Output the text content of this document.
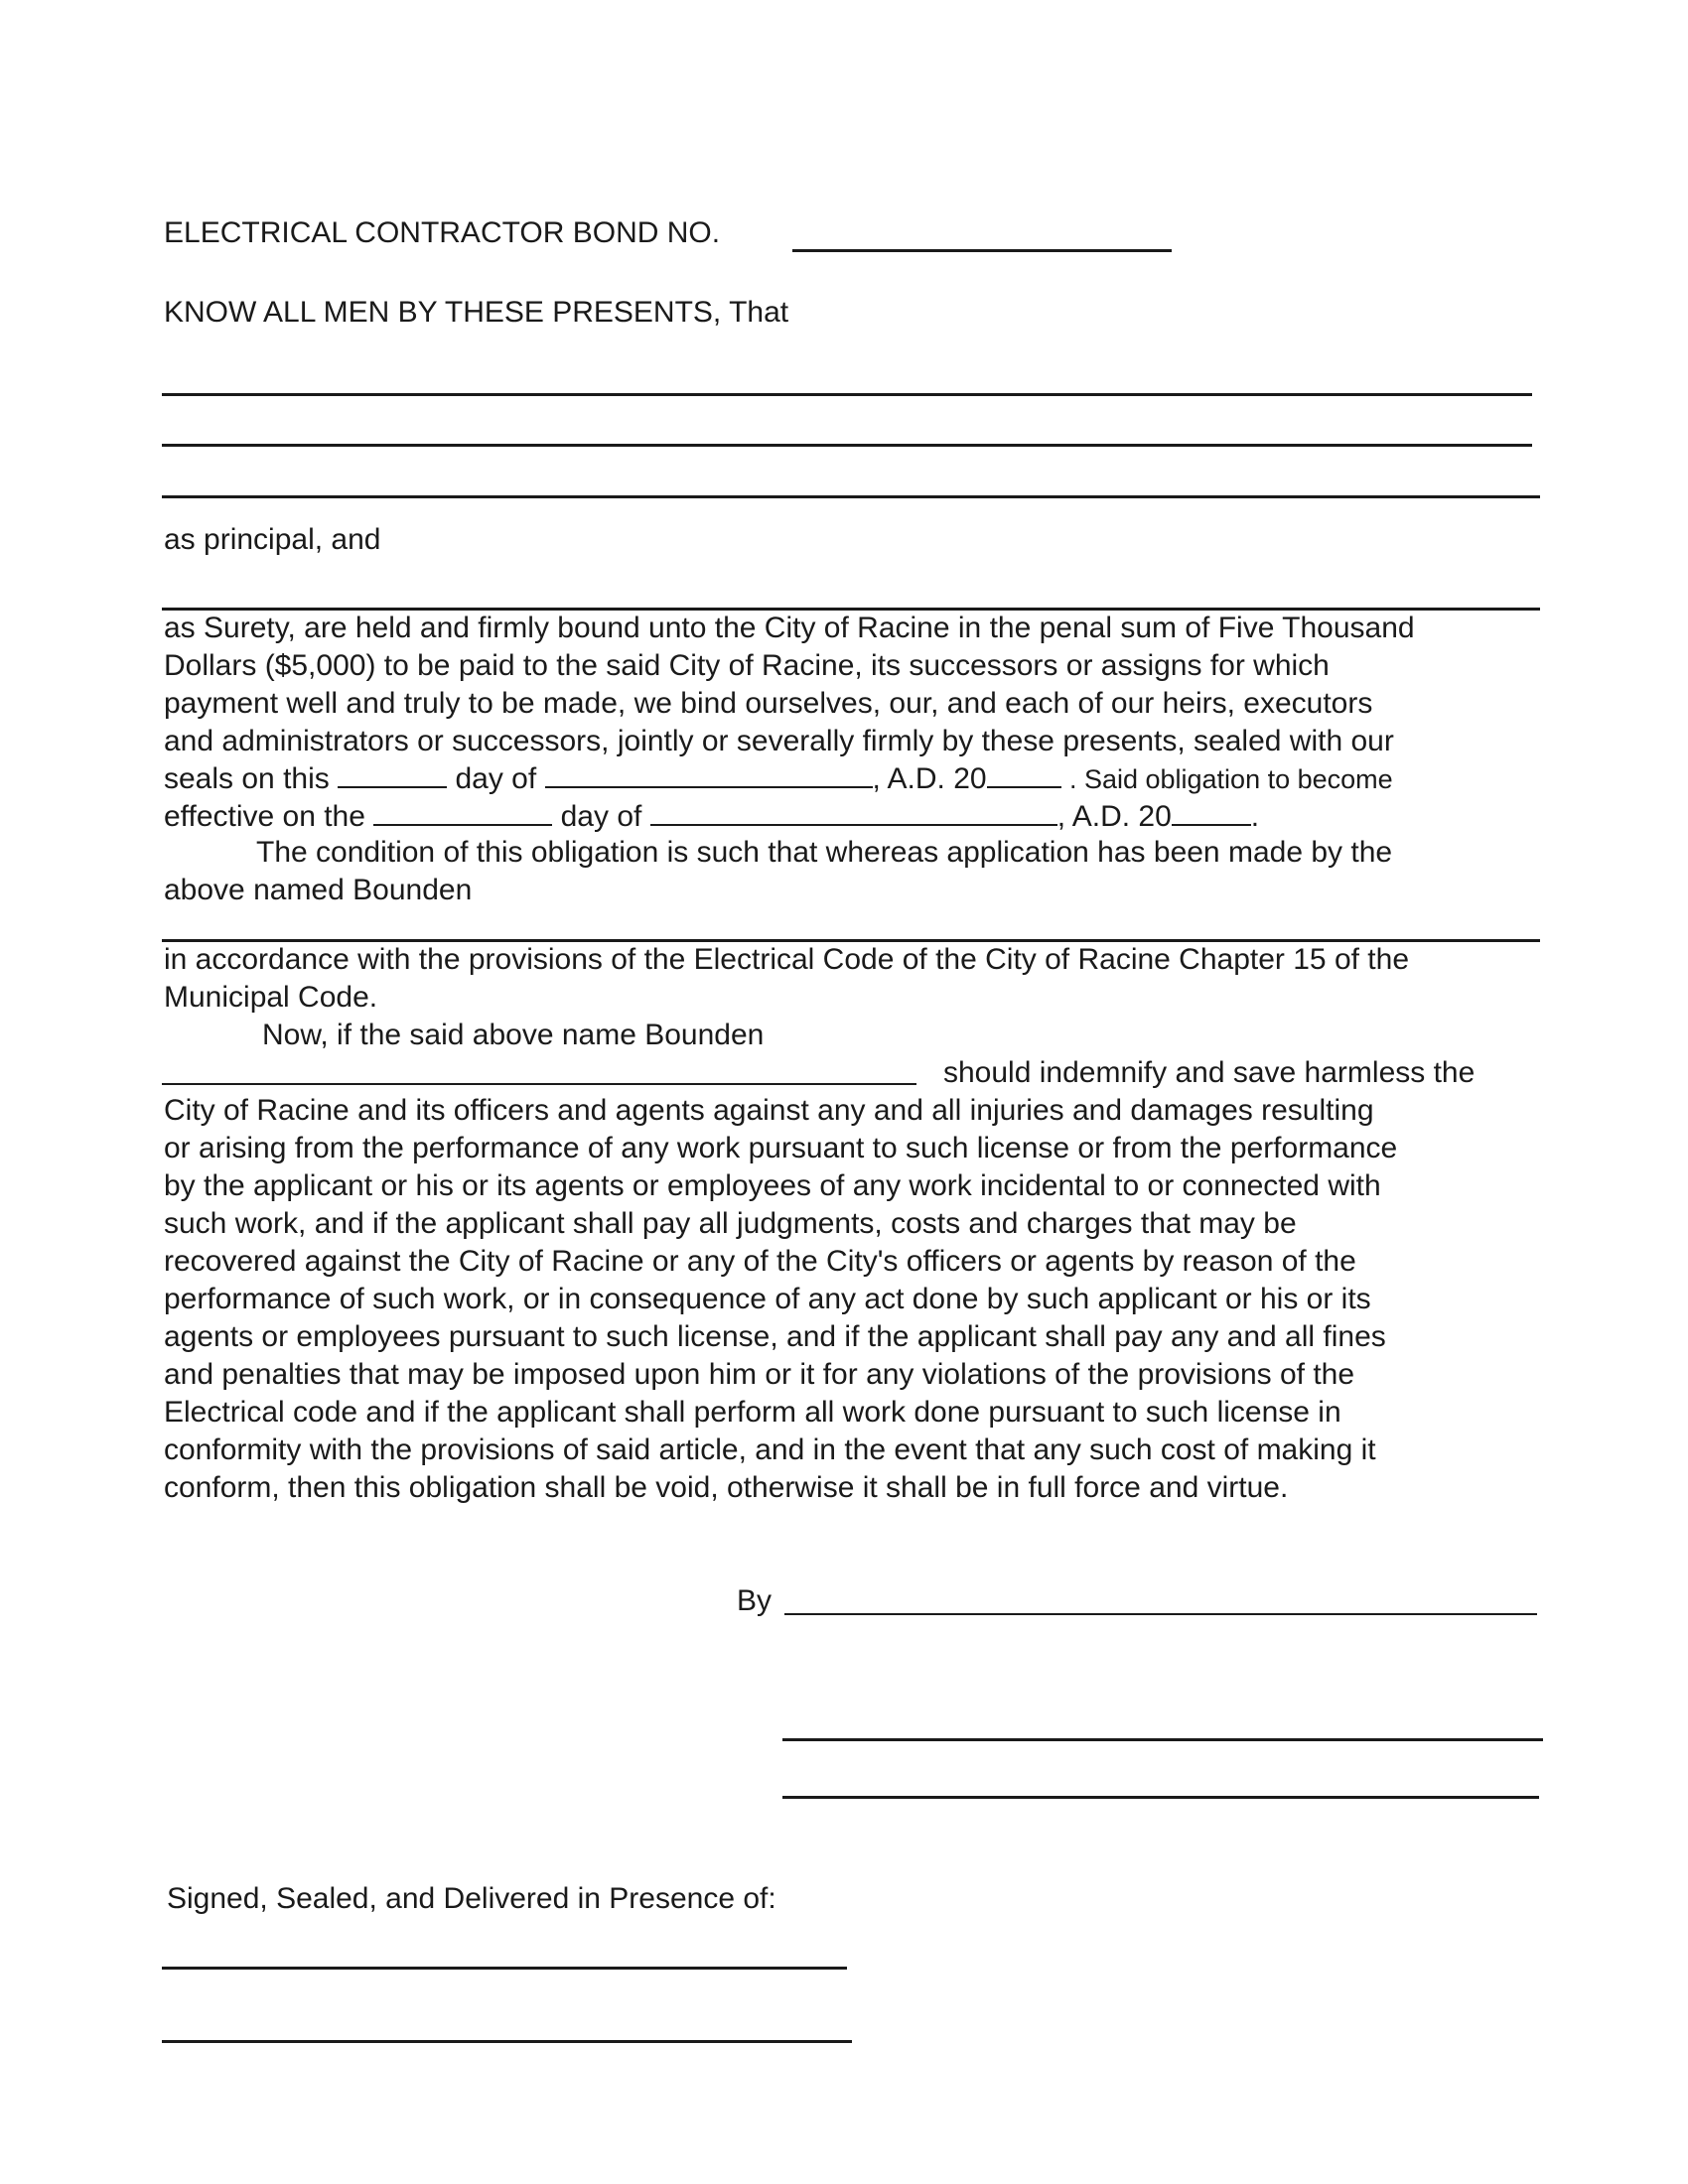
ELECTRICAL CONTRACTOR BOND NO.
KNOW ALL MEN BY THESE PRESENTS, That
as principal, and
as Surety, are held and firmly bound unto the City of Racine in the penal sum of Five Thousand
Dollars ($5,000) to be paid to the said City of Racine, its successors or assigns for which
payment well and truly to be made, we bind ourselves, our, and each of our heirs, executors
and administrators or successors, jointly or severally firmly by these presents, sealed with our
seals on this	day of	, A.D. 20	. Said obligation to become
effective on the	day of	, A.D. 20	.
The condition of this obligation is such that whereas application has been made by the
above named Bounden
in accordance with the provisions of the Electrical Code of the City of Racine Chapter 15 of the
Municipal Code.
Now, if the said above name Bounden
should indemnify and save harmless the
City of Racine and its officers and agents against any and all injuries and damages resulting
or arising from the performance of any work pursuant to such license or from the performance
by the applicant or his or its agents or employees of any work incidental to or connected with
such work, and if the applicant shall pay all judgments, costs and charges that may be
recovered against the City of Racine or any of the City's officers or agents by reason of the
performance of such work, or in consequence of any act done by such applicant or his or its
agents or employees pursuant to such license, and if the applicant shall pay any and all fines
and penalties that may be imposed upon him or it for any violations of the provisions of the
Electrical code and if the applicant shall perform all work done pursuant to such license in
conformity with the provisions of said article, and in the event that any such cost of making it
conform, then this obligation shall be void, otherwise it shall be in full force and virtue.
By
Signed, Sealed, and Delivered in Presence of:
